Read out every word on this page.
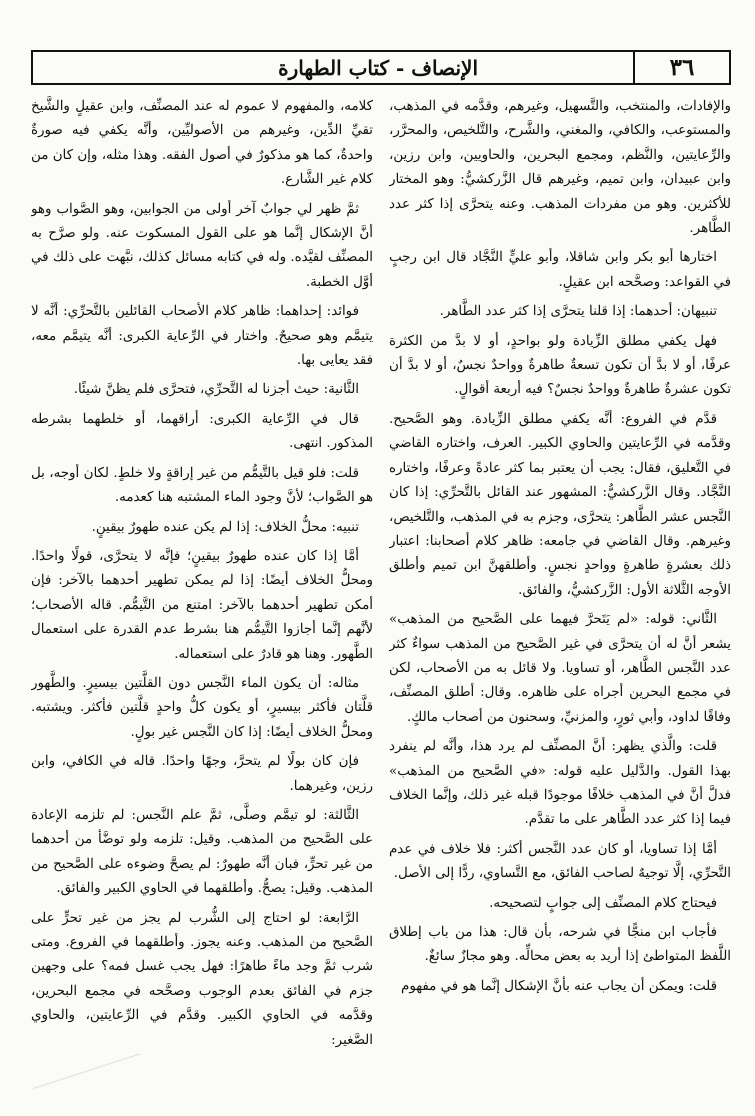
٣٦
الإنصاف - كتاب الطهارة

والإفادات، والمنتخب، والتَّسهيل، وغيرهم، وقدَّمه في المذهب، والمستوعب، والكافي، والمغني، والشَّرح، والتَّلخيص، والمحرَّر، والرِّعايتين، والنَّظم، ومجمع البحرين، والحاويين، وابن رزين، وابن عبيدان، وابن تميم، وغيرهم قال الزَّركشيُّ: وهو المختار للأكثرين. وهو من مفردات المذهب. وعنه يتحرَّى إذا كثر عدد الطَّاهر.

اختارها أبو بكر وابن شاقلا، وأبو عليٍّ النَّجَّاد قال ابن رجبٍ في القواعد: وصحَّحه ابن عقيلٍ.

تنبيهان: أحدهما: إذا قلنا يتحرَّى إذا كثر عدد الطَّاهر.

فهل يكفي مطلق الزِّيادة ولو بواحدٍ، أو لا بدَّ من الكثرة عرفًا، أو لا بدَّ أن تكون تسعةٌ طاهرةٌ وواحدٌ نجسٌ، أو لا بدَّ أن تكون عشرةٌ طاهرةٌ وواحدٌ نجسٌ؟ فيه أربعة أقوالٍ.

قدَّم في الفروع: أنَّه يكفي مطلق الزِّيادة. وهو الصَّحيح. وقدَّمه في الرِّعايتين والحاوي الكبير. العرف، واختاره القاضي في التَّعليق، فقال: يجب أن يعتبر بما كثر عادةً وعرفًا، واختاره النَّجَّاد. وقال الزَّركشيُّ: المشهور عند القائل بالتَّحرِّي: إذا كان النَّجس عشر الطَّاهر: يتحرَّى، وجزم به في المذهب، والتَّلخيص، وغيرهم. وقال القاضي في جامعه: ظاهر كلام أصحابنا: اعتبار ذلك بعشرةٍ طاهرةٍ وواحدٍ نجسٍ. وأطلقهنَّ ابن تميم وأطلق الأوجه الثَّلاثة الأول: الزَّركشيُّ، والفائق.

الثَّاني: قوله: «لم يَتَحرَّ فيهما على الصَّحيح من المذهب» يشعر أنَّ له أن يتحرَّى في غير الصَّحيح من المذهب سواءٌ كثر عدد النَّجس الطَّاهر، أو تساويا. ولا قائل به من الأصحاب، لكن في مجمع البحرين أجراه على ظاهره. وقال: أطلق المصنِّف، وفاقًا لداود، وأبي ثورٍ، والمزنيِّ، وسحنون من أصحاب مالكٍ.

قلت: والَّذي يظهر: أنَّ المصنِّف لم يرد هذا، وأنَّه لم ينفرد بهذا القول. والدَّليل عليه قوله: «في الصَّحيح من المذهب» فدلَّ أنَّ في المذهب خلافًا موجودًا قبله غير ذلك، وإنَّما الخلاف فيما إذا كثر عدد الطَّاهر على ما تقدَّم.

أمَّا إذا تساويا، أو كان عدد النَّجس أكثر: فلا خلاف في عدم التَّحرِّي، إلَّا توجيهٌ لصاحب الفائق، مع التَّساوي، ردًّا إلى الأصل.

فيحتاج كلام المصنِّف إلى جوابٍ لتصحيحه.

فأجاب ابن منجًّا في شرحه، بأن قال: هذا من باب إطلاق اللَّفظ المتواطئ إذا أريد به بعض محالِّه. وهو مجازٌ سائغٌ.

قلت: ويمكن أن يجاب عنه بأنَّ الإشكال إنَّما هو في مفهوم

كلامه، والمفهوم لا عموم له عند المصنِّف، وابن عقيلٍ والشَّيخ تقيِّ الدِّين، وغيرهم من الأصوليِّين، وأنَّه يكفي فيه صورةٌ واحدةٌ، كما هو مذكورٌ في أصول الفقه. وهذا مثله، وإن كان من كلام غير الشَّارع.

ثمَّ ظهر لي جوابٌ آخر أولى من الجوابين، وهو الصَّواب وهو أنَّ الإشكال إنَّما هو على القول المسكوت عنه. ولو صرَّح به المصنِّف لقيَّده. وله في كتابه مسائل كذلك، نبَّهت على ذلك في أوَّل الخطبة.

فوائد: إحداهما: ظاهر كلام الأصحاب القائلين بالتَّحرِّي: أنَّه لا يتيمَّم وهو صحيحٌ. واختار في الرِّعاية الكبرى: أنَّه يتيمَّم معه، فقد يعايى بها.

الثَّانية: حيث أجزنا له التَّحرِّي، فتحرَّى فلم يظنَّ شيئًا.

قال في الرِّعاية الكبرى: أراقهما، أو خلطهما بشرطه المذكور. انتهى.

قلت: فلو قيل بالتَّيمُّم من غير إراقةٍ ولا خلطٍ. لكان أوجه، بل هو الصَّواب؛ لأنَّ وجود الماء المشتبه هنا كعدمه.

تنبيه: محلُّ الخلاف: إذا لم يكن عنده طهورٌ بيقينٍ.

أمَّا إذا كان عنده طهورٌ بيقينٍ؛ فإنَّه لا يتحرَّى، قولًا واحدًا. ومحلُّ الخلاف أيضًا: إذا لم يمكن تطهير أحدهما بالآخر: فإن أمكن تطهير أحدهما بالآخر: امتنع من التَّيمُّم. قاله الأصحاب؛ لأنَّهم إنَّما أجازوا التَّيمُّم هنا بشرط عدم القدرة على استعمال الطَّهور. وهنا هو قادرٌ على استعماله.

مثاله: أن يكون الماء النَّجس دون القلَّتين بيسيرٍ. والطَّهور قلَّتان فأكثر بيسيرٍ، أو يكون كلُّ واحدٍ قلَّتين فأكثر. ويشتبه. ومحلُّ الخلاف أيضًا: إذا كان النَّجس غير بولٍ.

فإن كان بولًا لم يتحرَّ، وجهًا واحدًا. قاله في الكافي، وابن رزين، وغيرهما.

الثَّالثة: لو تيمَّم وصلَّى، ثمَّ علم النَّجس: لم تلزمه الإعادة على الصَّحيح من المذهب. وقيل: تلزمه ولو توضَّأ من أحدهما من غير تحرٍّ، فبان أنَّه طهورٌ: لم يصحَّ وضوءه على الصَّحيح من المذهب. وقيل: يصحُّ. وأطلقهما في الحاوي الكبير والفائق.

الرَّابعة: لو احتاج إلى الشُّرب لم يجز من غير تحرٍّ على الصَّحيح من المذهب. وعنه يجوز. وأطلقهما في الفروع. ومتى شرب ثمَّ وجد ماءً طاهرًا: فهل يجب غسل فمه؟ على وجهين جزم في الفائق بعدم الوجوب وصحَّحه في مجمع البحرين، وقدَّمه في الحاوي الكبير. وقدَّم في الرِّعايتين، والحاوي الصَّغير:
